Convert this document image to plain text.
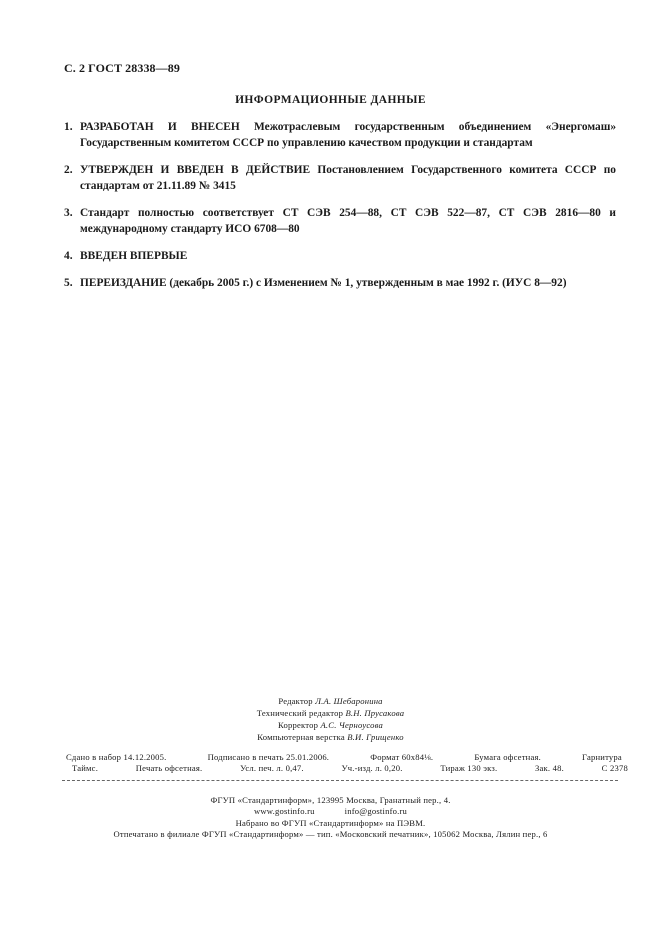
С. 2 ГОСТ 28338—89
ИНФОРМАЦИОННЫЕ ДАННЫЕ
1. РАЗРАБОТАН И ВНЕСЕН Межотраслевым государственным объединением «Энергомаш» Государственным комитетом СССР по управлению качеством продукции и стандартам
2. УТВЕРЖДЕН И ВВЕДЕН В ДЕЙСТВИЕ Постановлением Государственного комитета СССР по стандартам от 21.11.89 № 3415
3. Стандарт полностью соответствует СТ СЭВ 254—88, СТ СЭВ 522—87, СТ СЭВ 2816—80 и международному стандарту ИСО 6708—80
4. ВВЕДЕН ВПЕРВЫЕ
5. ПЕРЕИЗДАНИЕ (декабрь 2005 г.) с Изменением № 1, утвержденным в мае 1992 г. (ИУС 8—92)
Редактор Л.А. Шебаронина
Технический редактор В.Н. Прусакова
Корректор А.С. Черноусова
Компьютерная верстка В.И. Грищенко
Сдано в набор 14.12.2005.	Подписано в печать 25.01.2006.	Формат 60x84⅛.	Бумага офсетная.	Гарнитура
Таймс.	Печать офсетная.	Усл. печ. л. 0,47.	Уч.-изд. л. 0,20.	Тираж 130 экз.	Зак. 48.	С 2378
ФГУП «Стандартинформ», 123995 Москва, Гранатный пер., 4.
www.gostinfo.ru	info@gostinfo.ru
Набрано во ФГУП «Стандартинформ» на ПЭВМ.
Отпечатано в филиале ФГУП «Стандартинформ» — тип. «Московский печатник», 105062 Москва, Лялин пер., 6
